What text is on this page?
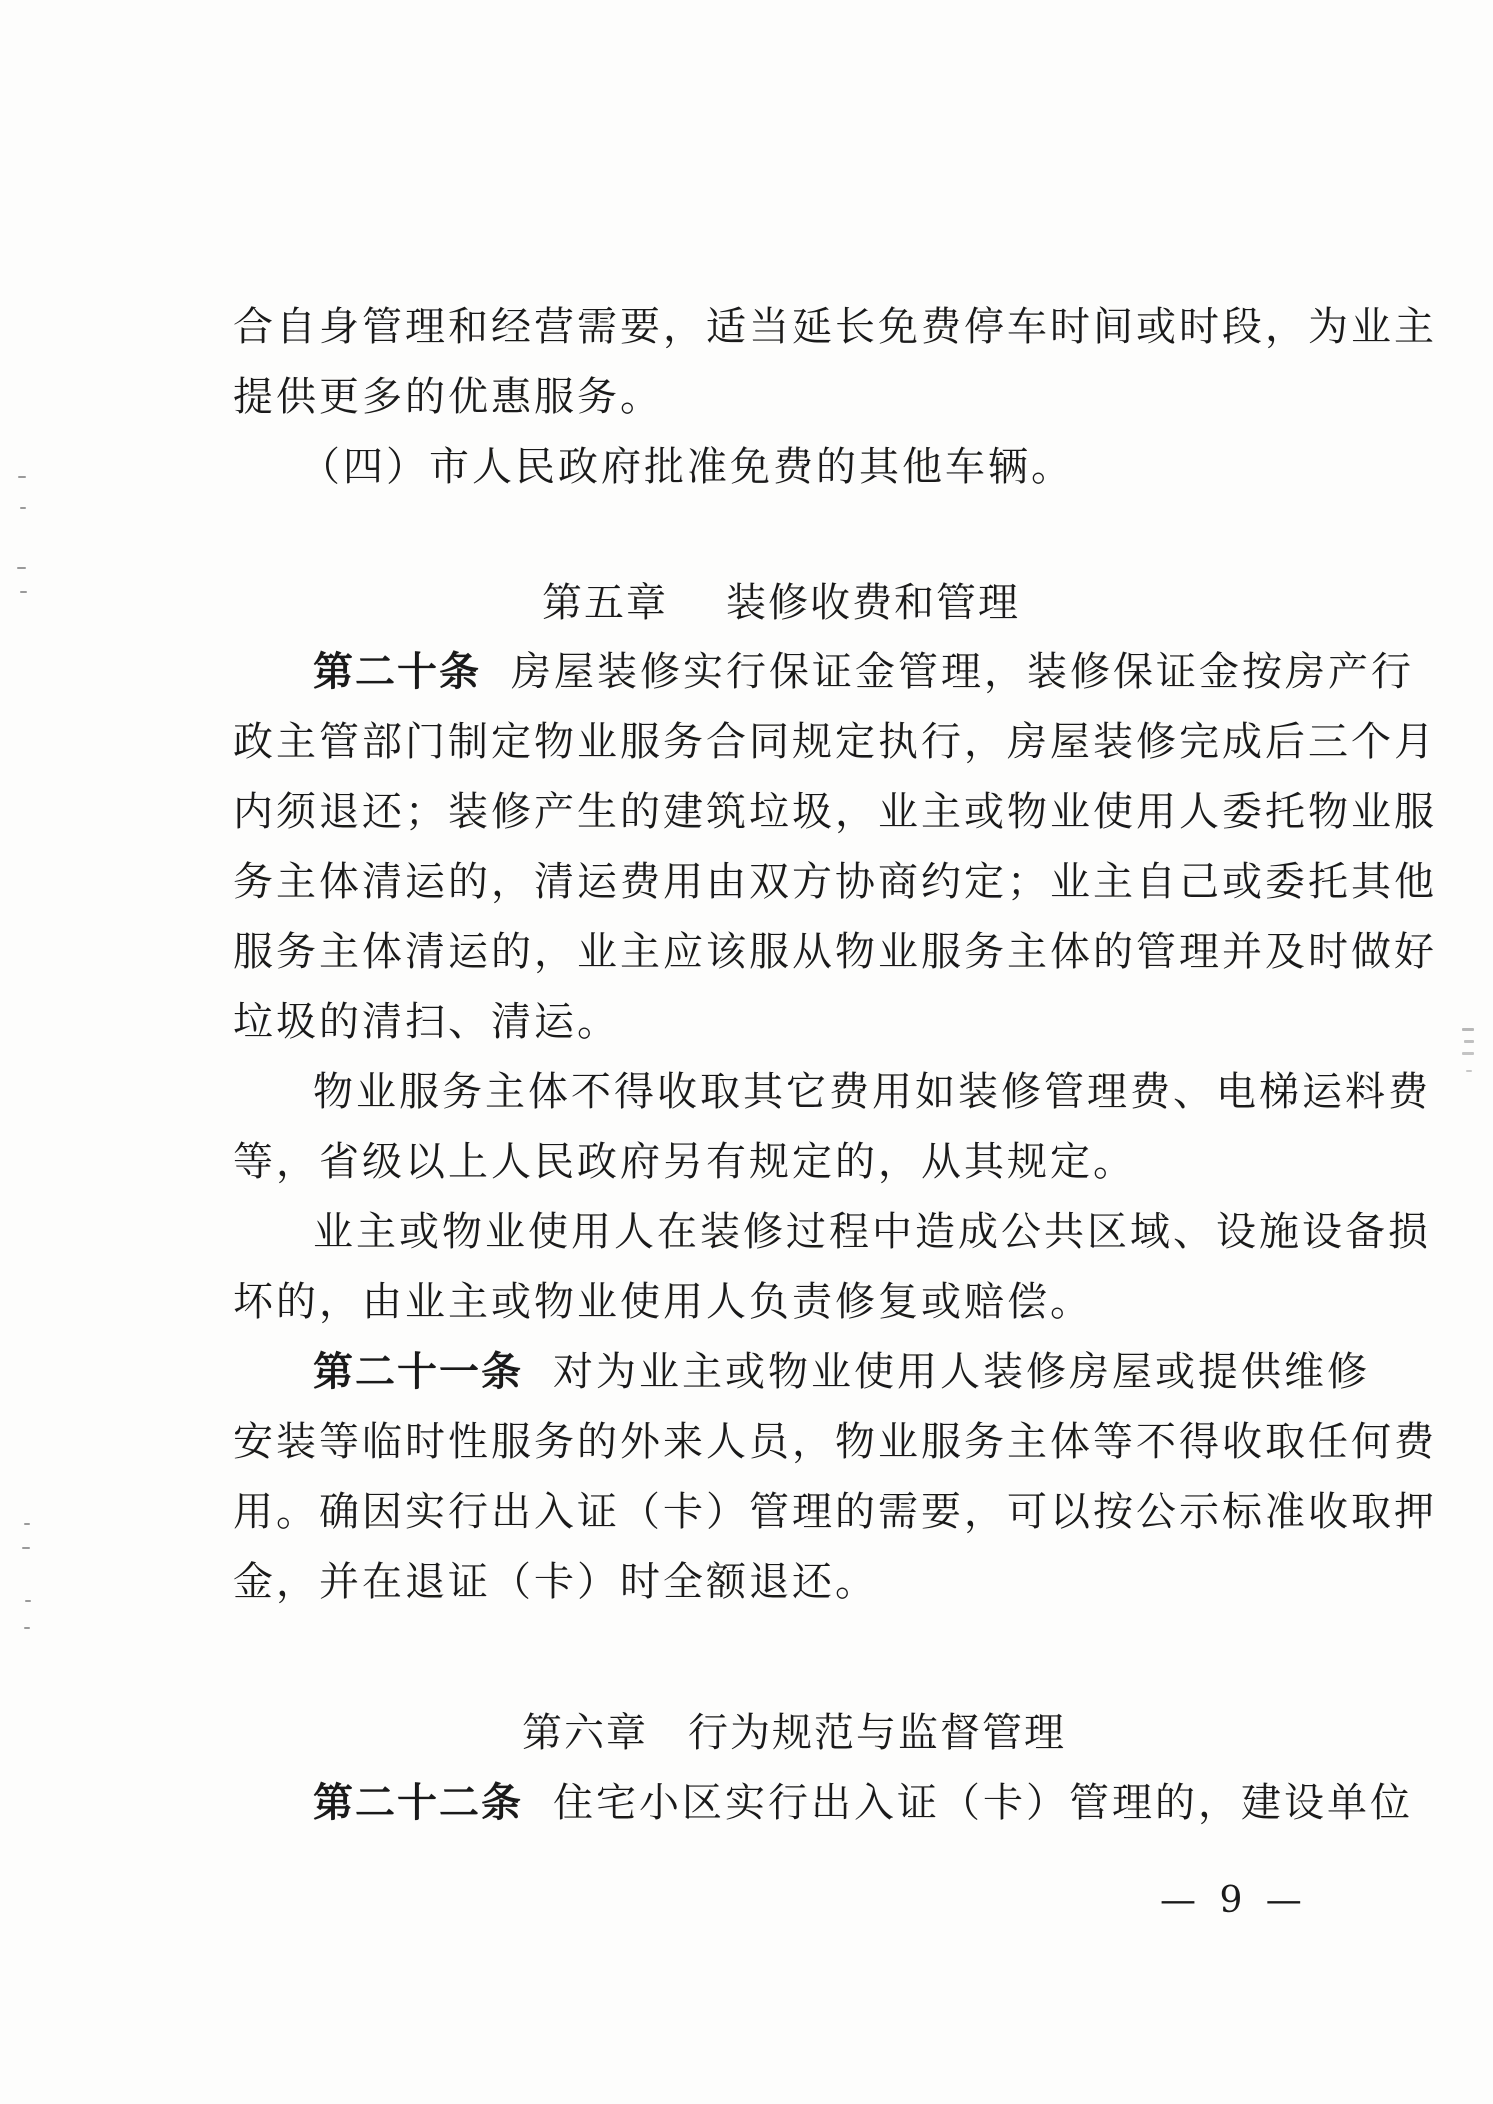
合自身管理和经营需要，适当延长免费停车时间或时段，为业主
提供更多的优惠服务。
（四）市人民政府批准免费的其他车辆。
第五章 装修收费和管理
第二十条 房屋装修实行保证金管理，装修保证金按房产行
政主管部门制定物业服务合同规定执行，房屋装修完成后三个月
内须退还；装修产生的建筑垃圾，业主或物业使用人委托物业服
务主体清运的，清运费用由双方协商约定；业主自己或委托其他
服务主体清运的，业主应该服从物业服务主体的管理并及时做好
垃圾的清扫、清运。
物业服务主体不得收取其它费用如装修管理费、电梯运料费
等，省级以上人民政府另有规定的，从其规定。
业主或物业使用人在装修过程中造成公共区域、设施设备损
坏的，由业主或物业使用人负责修复或赔偿。
第二十一条 对为业主或物业使用人装修房屋或提供维修
安装等临时性服务的外来人员，物业服务主体等不得收取任何费
用。确因实行出入证（卡）管理的需要，可以按公示标准收取押
金，并在退证（卡）时全额退还。
第六章 行为规范与监督管理
第二十二条 住宅小区实行出入证（卡）管理的，建设单位
— 9 —
